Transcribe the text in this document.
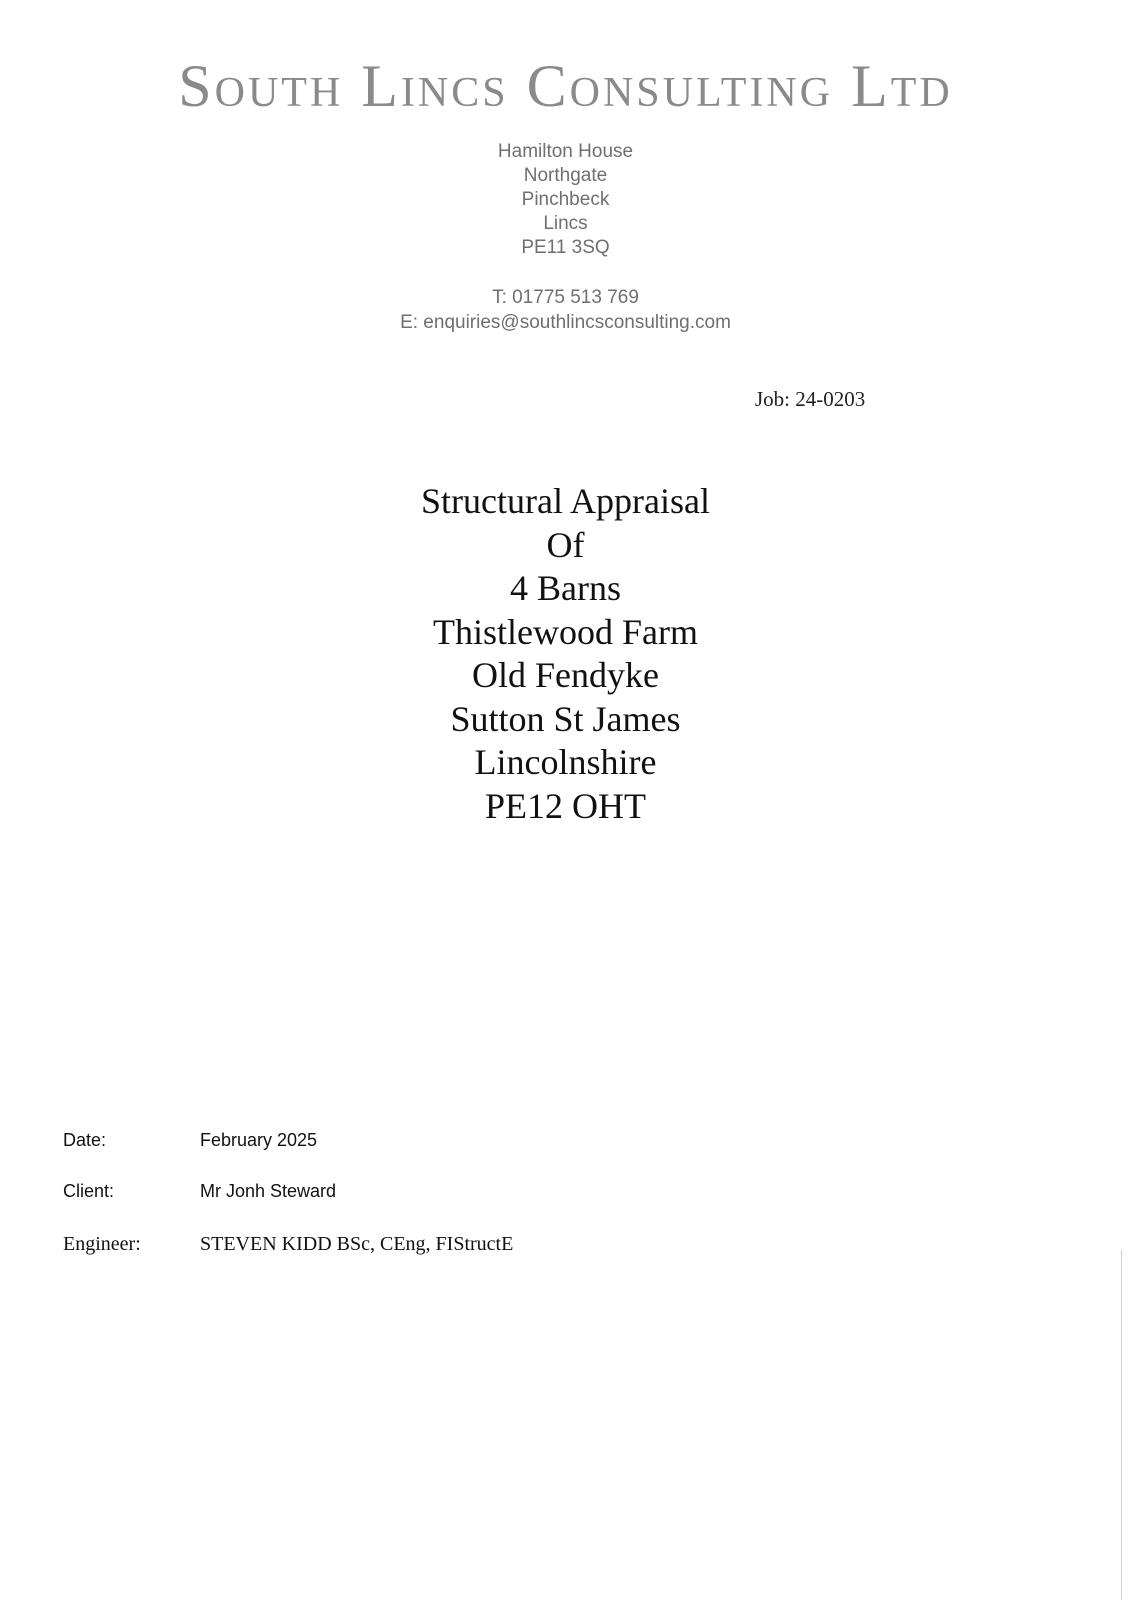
South Lincs Consulting Ltd
Hamilton House
Northgate
Pinchbeck
Lincs
PE11 3SQ
T: 01775 513 769
E: enquiries@southlincsconsulting.com
Job: 24-0203
Structural Appraisal
Of
4 Barns
Thistlewood Farm
Old Fendyke
Sutton St James
Lincolnshire
PE12 OHT
Date:	February 2025
Client:	Mr Jonh Steward
Engineer:	STEVEN KIDD BSc, CEng, FIStructE
